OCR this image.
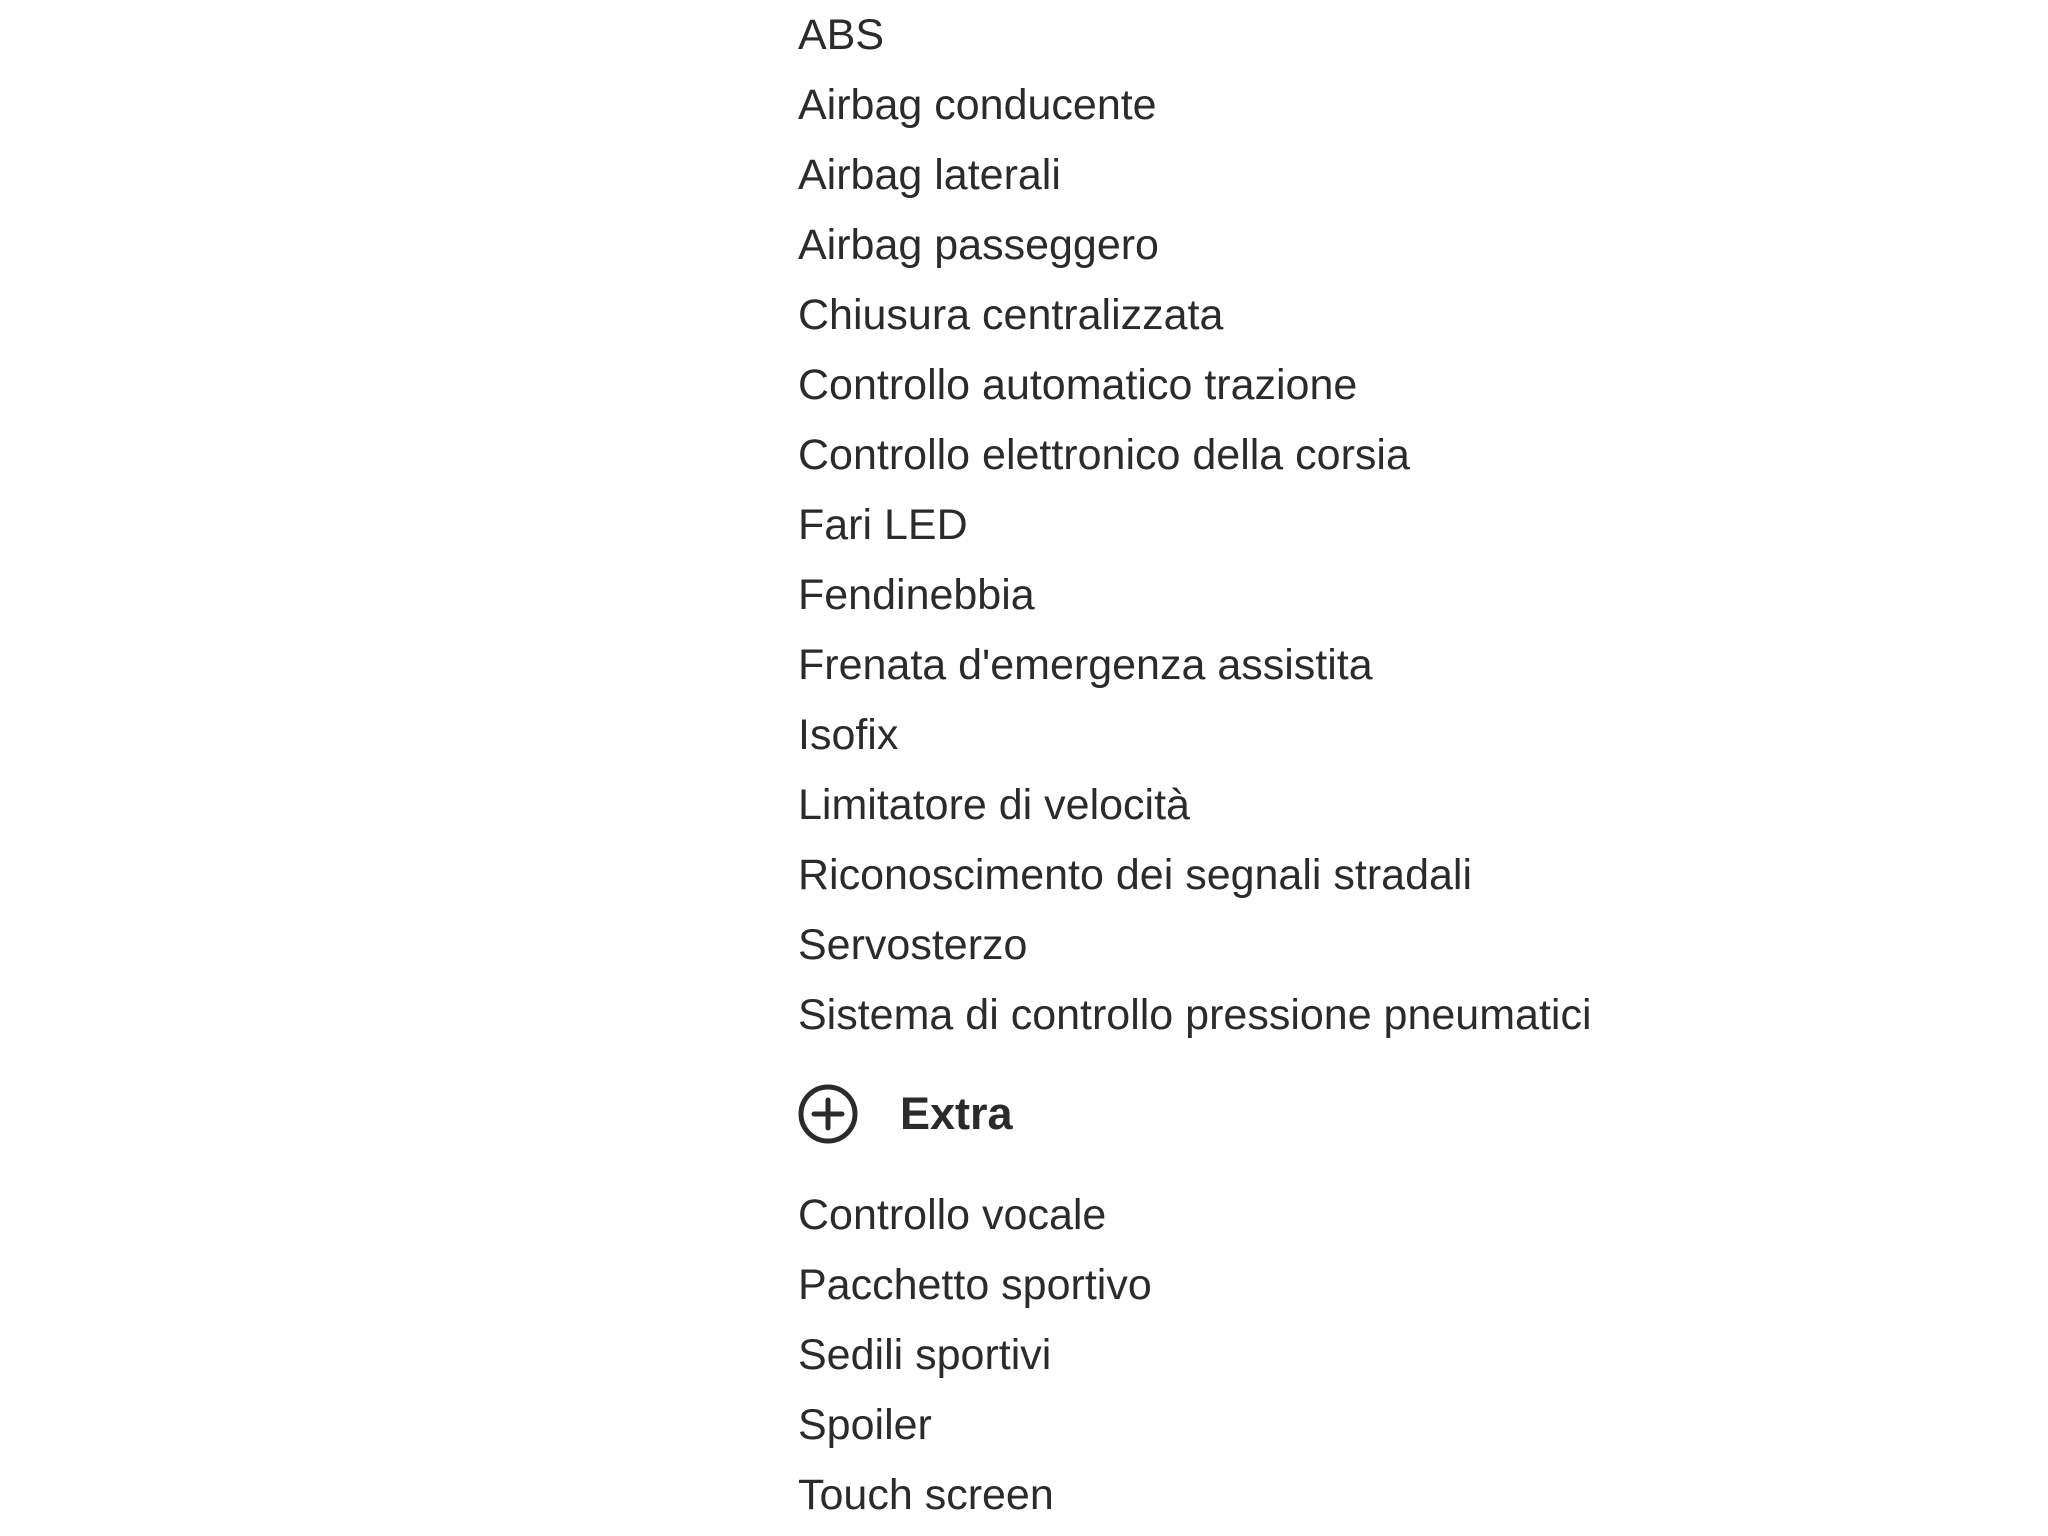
ABS
Airbag conducente
Airbag laterali
Airbag passeggero
Chiusura centralizzata
Controllo automatico trazione
Controllo elettronico della corsia
Fari LED
Fendinebbia
Frenata d'emergenza assistita
Isofix
Limitatore di velocità
Riconoscimento dei segnali stradali
Servosterzo
Sistema di controllo pressione pneumatici
Extra
Controllo vocale
Pacchetto sportivo
Sedili sportivi
Spoiler
Touch screen
